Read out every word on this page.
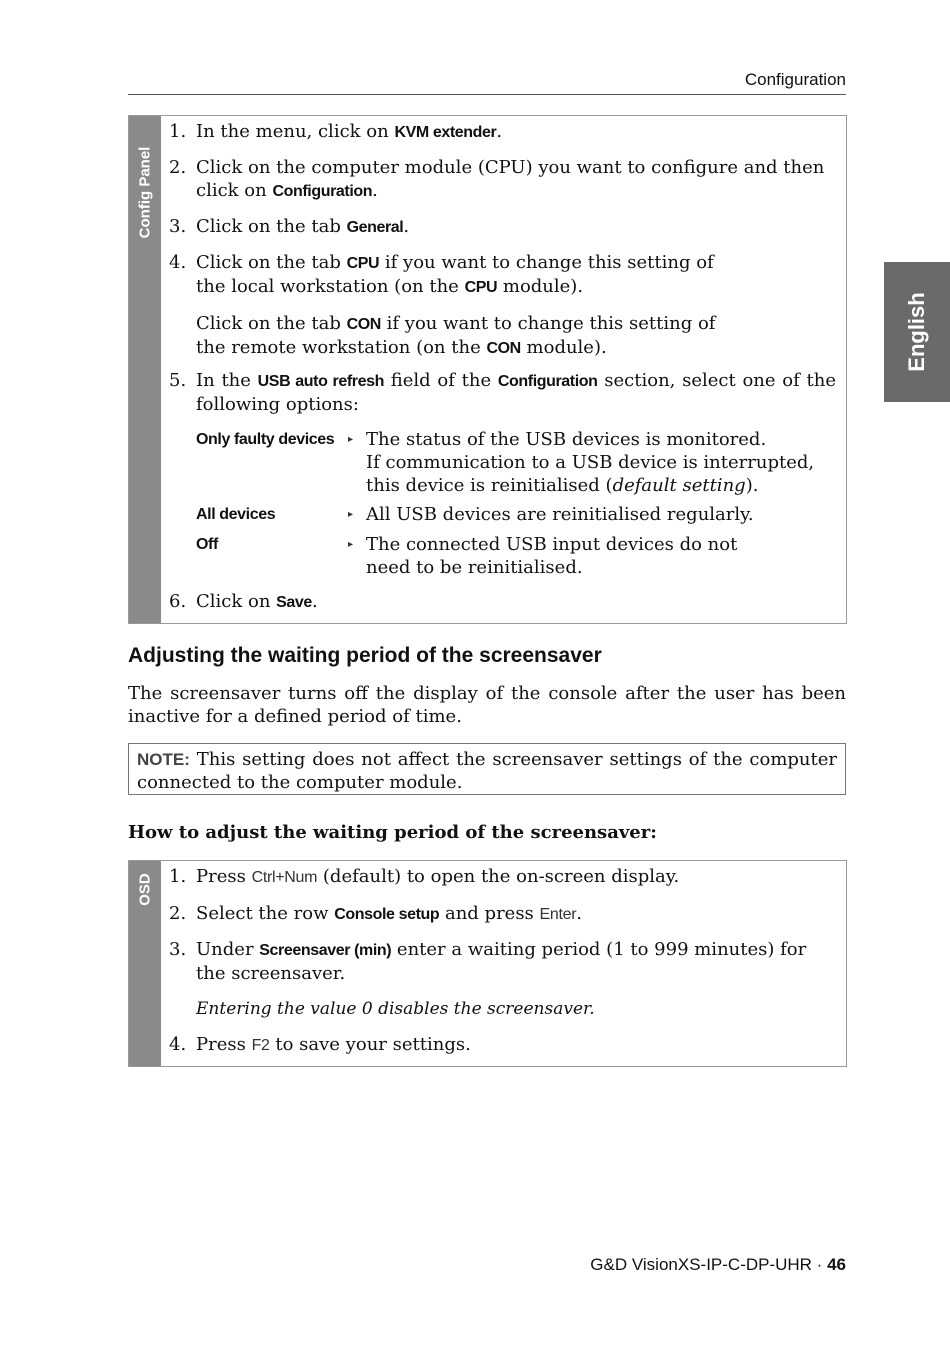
Configuration
English
Config Panel
1. In the menu, click on KVM extender.
2. Click on the computer module (CPU) you want to configure and then click on Configuration.
3. Click on the tab General.
4. Click on the tab CPU if you want to change this setting of the local workstation (on the CPU module).
Click on the tab CON if you want to change this setting of the remote workstation (on the CON module).
5. In the USB auto refresh field of the Configuration section, select one of the following options:
Only faulty devices ▸ The status of the USB devices is monitored.
If communication to a USB device is interrupted, this device is reinitialised (default setting).
All devices	▸ All USB devices are reinitialised regularly.
Off	▸ The connected USB input devices do not need to be reinitialised.
6. Click on Save.
Adjusting the waiting period of the screensaver
The screensaver turns off the display of the console after the user has been inactive for a defined period of time.
NOTE: This setting does not affect the screensaver settings of the computer connected to the computer module.
How to adjust the waiting period of the screensaver:
OSD 1. Press Ctrl+Num (default) to open the on-screen display.
2. Select the row Console setup and press Enter.
3. Under Screensaver (min) enter a waiting period (1 to 999 minutes) for the screensaver.
Entering the value 0 disables the screensaver.
4. Press F2 to save your settings.
G&D VisionXS-IP-C-DP-UHR · 46
